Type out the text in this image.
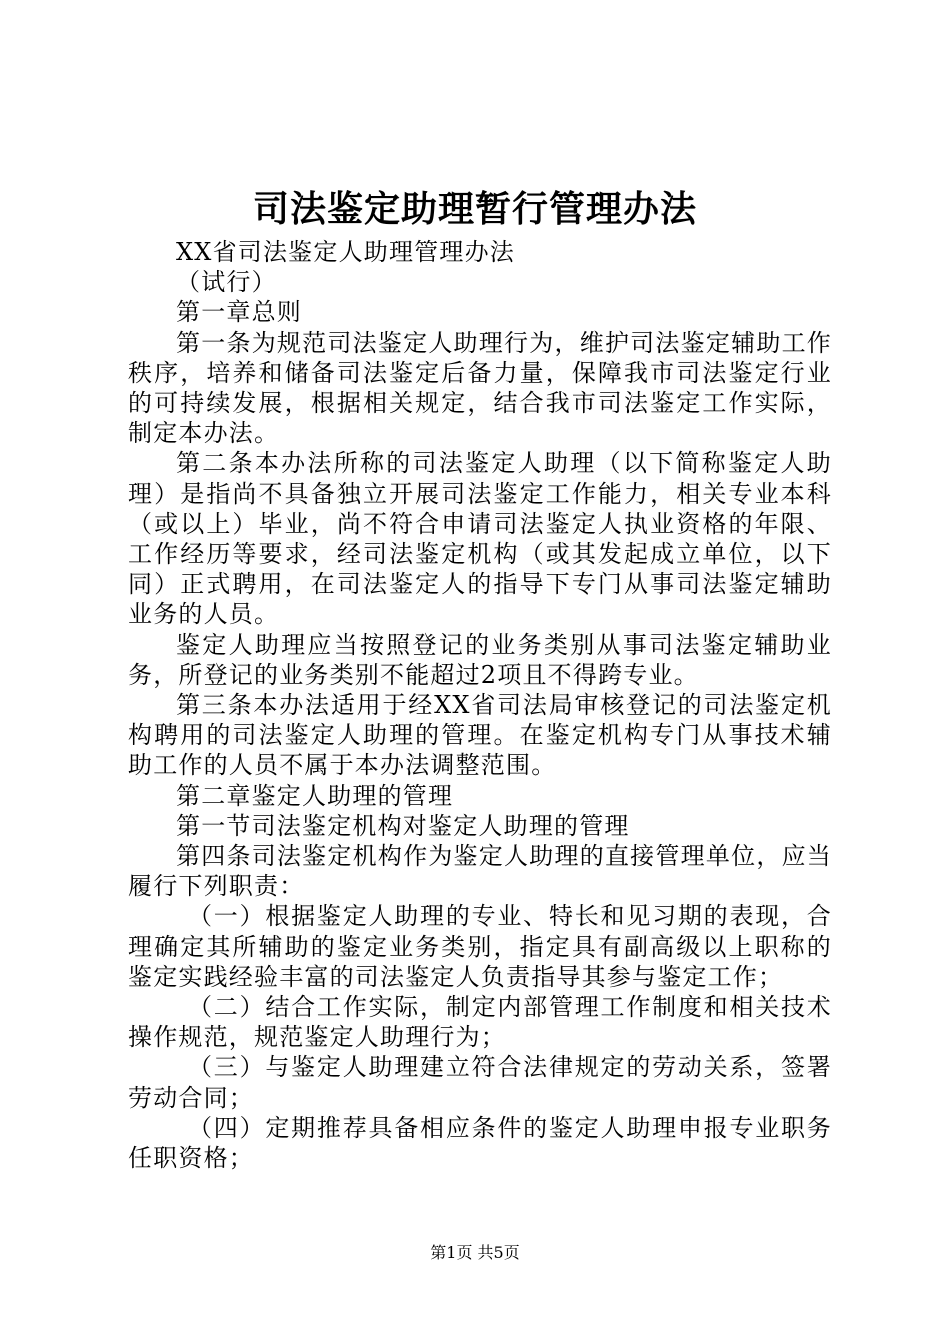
司法鉴定助理暂行管理办法

XX省司法鉴定人助理管理办法

（试行）

第一章总则

第一条为规范司法鉴定人助理行为，维护司法鉴定辅助工作秩序，培养和储备司法鉴定后备力量，保障我市司法鉴定行业的可持续发展，根据相关规定，结合我市司法鉴定工作实际，制定本办法。

第二条本办法所称的司法鉴定人助理（以下简称鉴定人助理）是指尚不具备独立开展司法鉴定工作能力，相关专业本科（或以上）毕业，尚不符合申请司法鉴定人执业资格的年限、工作经历等要求，经司法鉴定机构（或其发起成立单位，以下同）正式聘用，在司法鉴定人的指导下专门从事司法鉴定辅助业务的人员。

鉴定人助理应当按照登记的业务类别从事司法鉴定辅助业务，所登记的业务类别不能超过2项且不得跨专业。

第三条本办法适用于经XX省司法局审核登记的司法鉴定机构聘用的司法鉴定人助理的管理。在鉴定机构专门从事技术辅助工作的人员不属于本办法调整范围。

第二章鉴定人助理的管理

第一节司法鉴定机构对鉴定人助理的管理

第四条司法鉴定机构作为鉴定人助理的直接管理单位，应当履行下列职责：

（一）根据鉴定人助理的专业、特长和见习期的表现，合理确定其所辅助的鉴定业务类别，指定具有副高级以上职称的鉴定实践经验丰富的司法鉴定人负责指导其参与鉴定工作；

（二）结合工作实际，制定内部管理工作制度和相关技术操作规范，规范鉴定人助理行为；

（三）与鉴定人助理建立符合法律规定的劳动关系，签署劳动合同；

（四）定期推荐具备相应条件的鉴定人助理申报专业职务任职资格；

第1页 共5页
